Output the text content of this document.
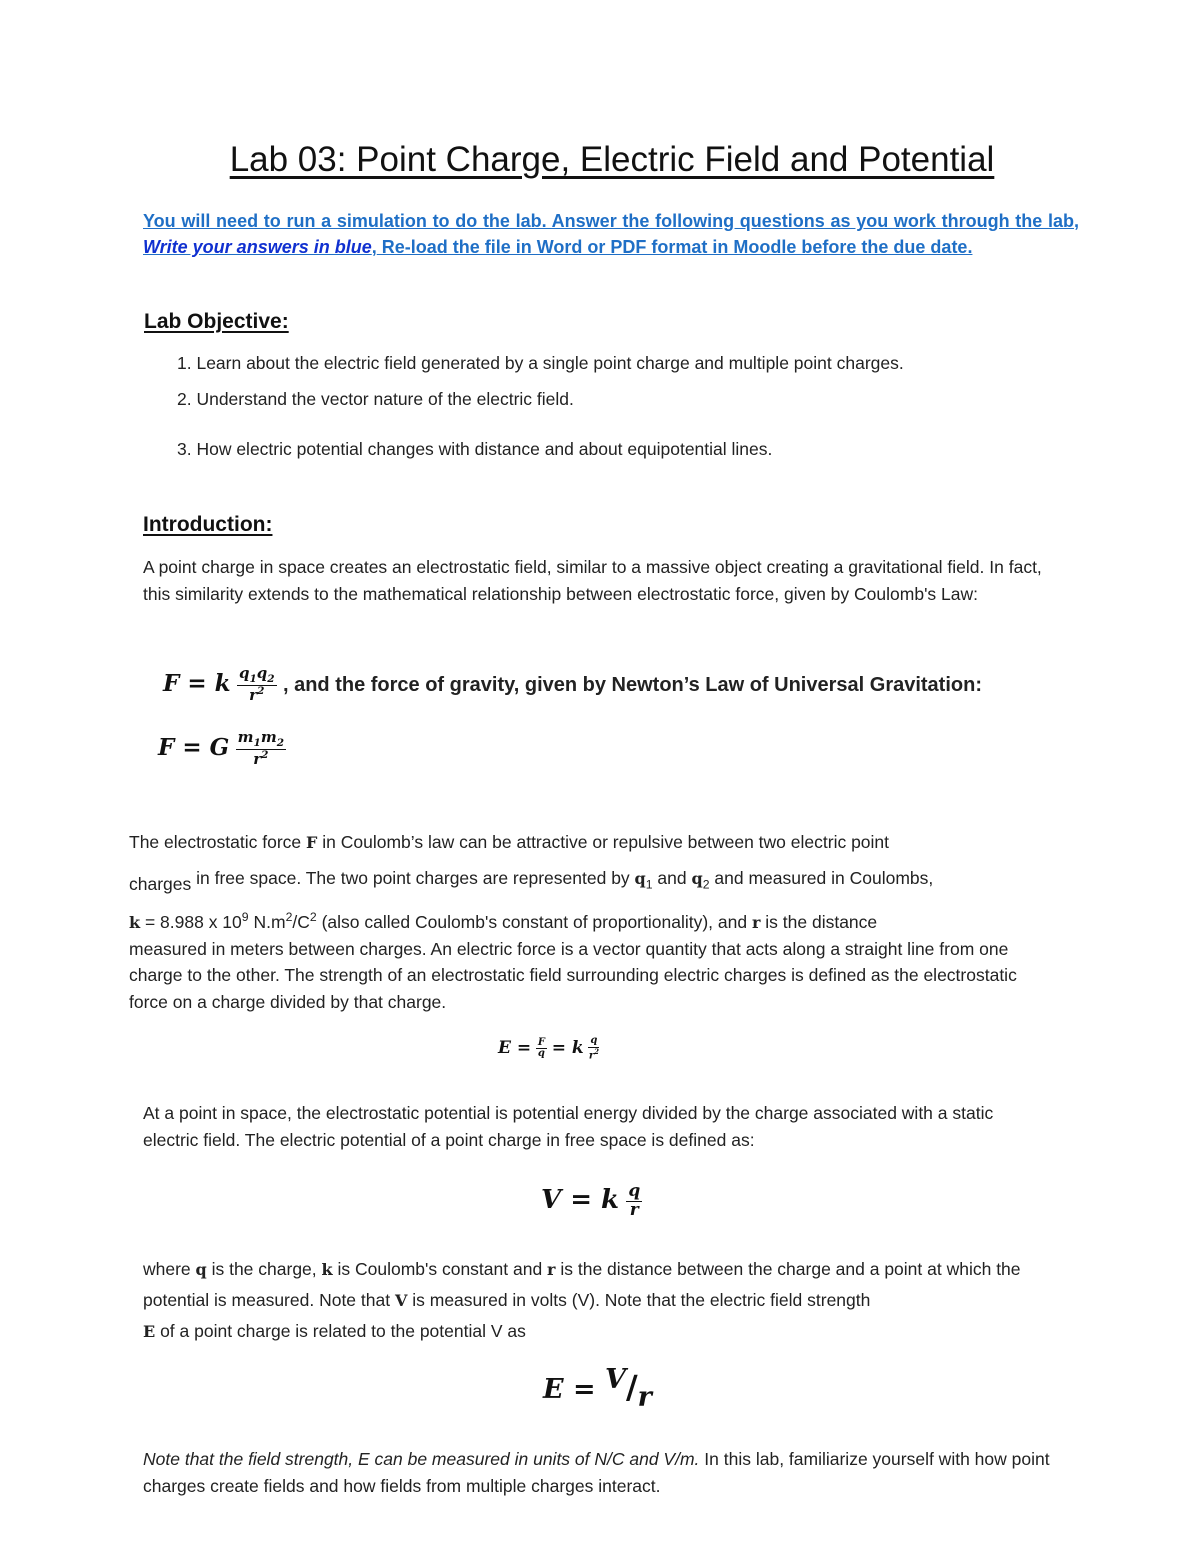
Lab 03: Point Charge, Electric Field and Potential
You will need to run a simulation to do the lab. Answer the following questions as you work through the lab, Write your answers in blue, Re-load the file in Word or PDF format in Moodle before the due date.
Lab Objective:
1. Learn about the electric field generated by a single point charge and multiple point charges.
2. Understand the vector nature of the electric field.
3. How electric potential changes with distance and about equipotential lines.
Introduction:
A point charge in space creates an electrostatic field, similar to a massive object creating a gravitational field. In fact, this similarity extends to the mathematical relationship between electrostatic force, given by Coulomb's Law:
F = k $\frac{q_1q_2}{r^2}$ , and the force of gravity, given by Newton’s Law of Universal Gravitation:
F = G $\frac{m_1m_2}{r^2}$
The electrostatic force F in Coulomb’s law can be attractive or repulsive between two electric point
charges in free space. The two point charges are represented by $q_1$ and $q_2$ and measured in Coulombs,
k = 8.988 x $10^9$ $N.m^2/C^2$ (also called Coulomb's constant of proportionality), and r is the distance
measured in meters between charges. An electric force is a vector quantity that acts along a straight line from one charge to the other. The strength of an electrostatic field surrounding electric charges is defined as the electrostatic force on a charge divided by that charge.
$E = \frac{F}{q} = k \frac{q}{r^2}$
At a point in space, the electrostatic potential is potential energy divided by the charge associated with a static electric field. The electric potential of a point charge in free space is defined as:
V = k $\frac{q}{r}$
where q is the charge, k is Coulomb's constant and r is the distance between the charge and a point at which the potential is measured. Note that V is measured in volts (V). Note that the electric field strength
E of a point charge is related to the potential V as
E = V/r
Note that the field strength, E can be measured in units of N/C and V/m. In this lab, familiarize yourself with how point charges create fields and how fields from multiple charges interact.
